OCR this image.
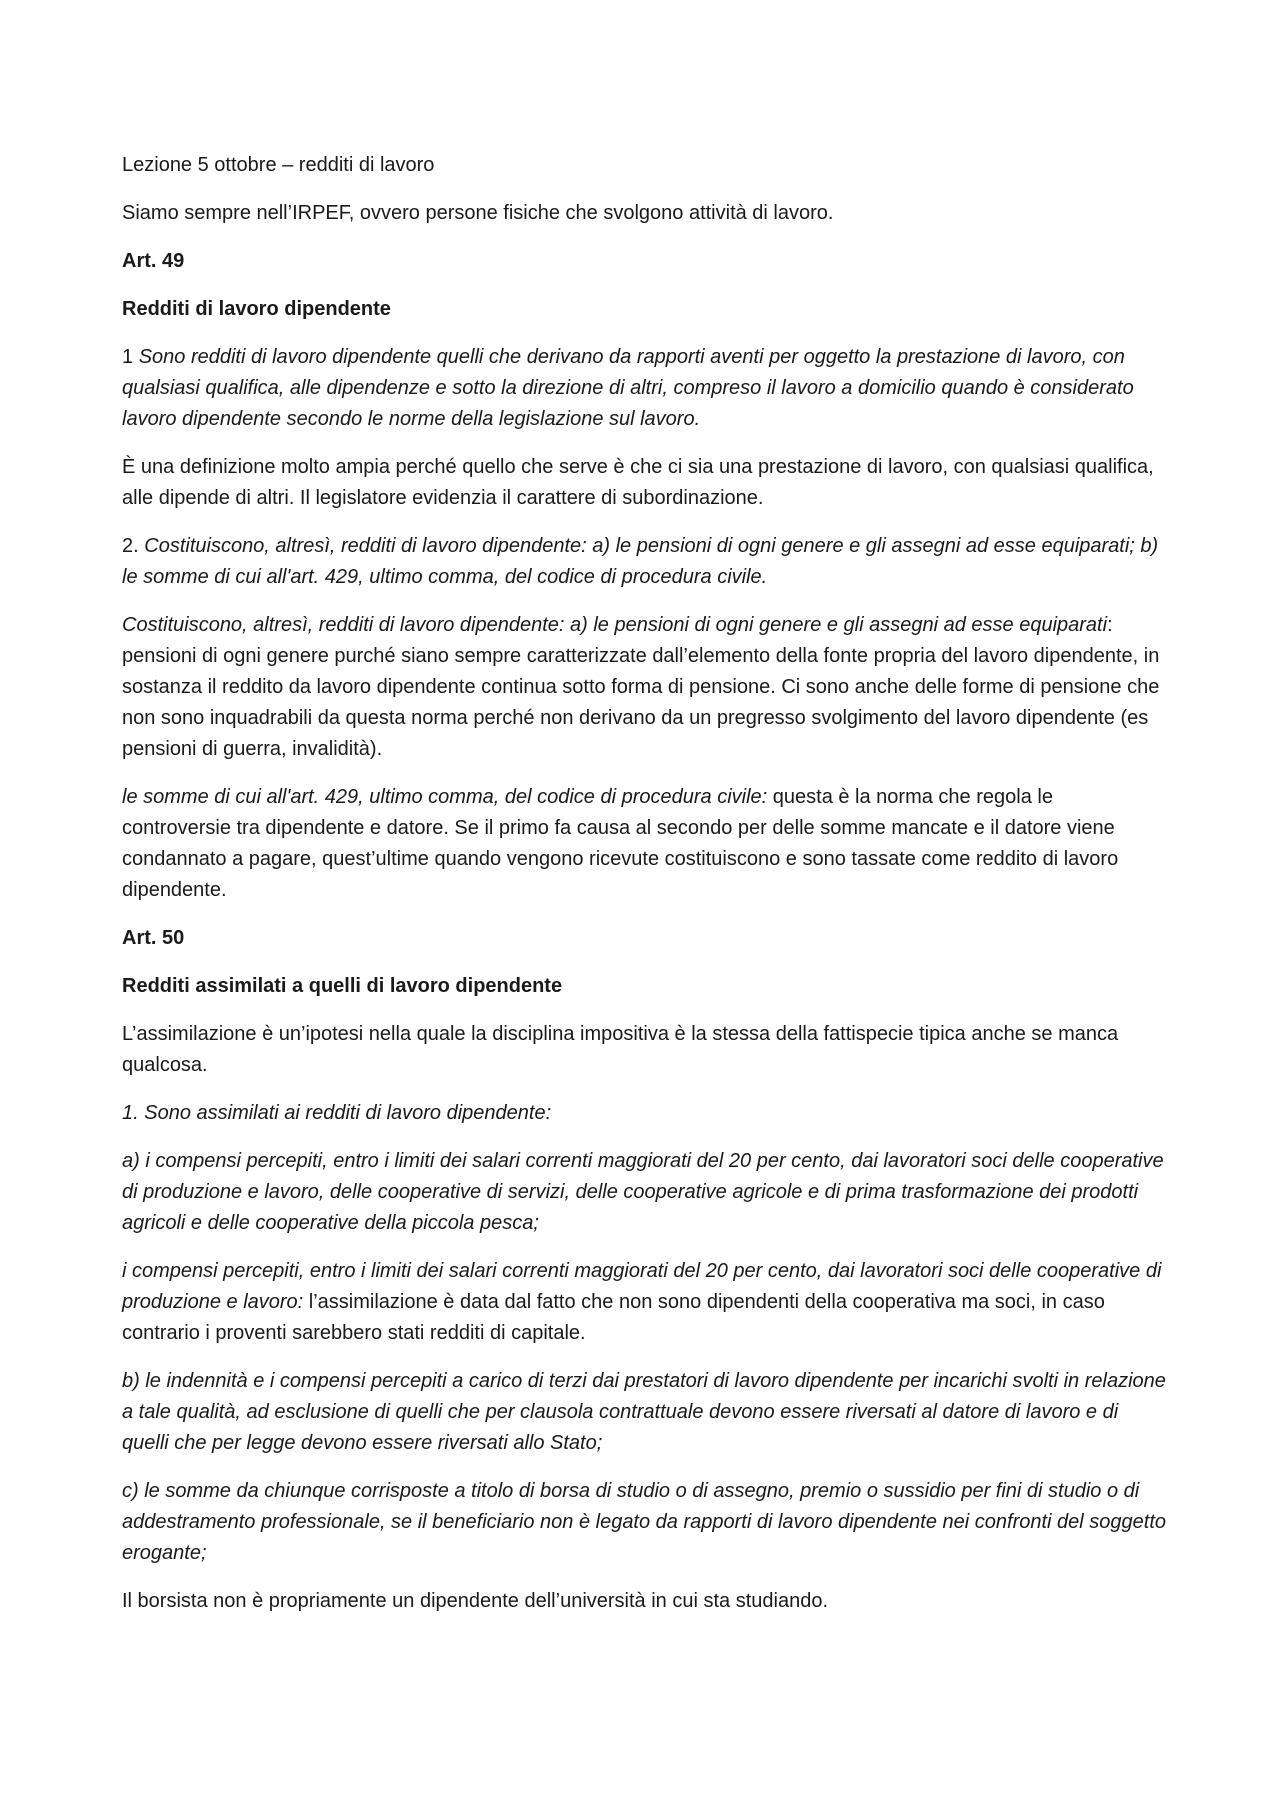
Lezione 5 ottobre – redditi di lavoro

Siamo sempre nell’IRPEF, ovvero persone fisiche che svolgono attività di lavoro.

Art. 49

Redditi di lavoro dipendente

1 Sono redditi di lavoro dipendente quelli che derivano da rapporti aventi per oggetto la prestazione di lavoro, con qualsiasi qualifica, alle dipendenze e sotto la direzione di altri, compreso il lavoro a domicilio quando è considerato lavoro dipendente secondo le norme della legislazione sul lavoro.

È una definizione molto ampia perché quello che serve è che ci sia una prestazione di lavoro, con qualsiasi qualifica, alle dipende di altri. Il legislatore evidenzia il carattere di subordinazione.

2. Costituiscono, altresì, redditi di lavoro dipendente: a) le pensioni di ogni genere e gli assegni ad esse equiparati; b) le somme di cui all'art. 429, ultimo comma, del codice di procedura civile.

Costituiscono, altresì, redditi di lavoro dipendente: a) le pensioni di ogni genere e gli assegni ad esse equiparati: pensioni di ogni genere purché siano sempre caratterizzate dall’elemento della fonte propria del lavoro dipendente, in sostanza il reddito da lavoro dipendente continua sotto forma di pensione. Ci sono anche delle forme di pensione che non sono inquadrabili da questa norma perché non derivano da un pregresso svolgimento del lavoro dipendente (es pensioni di guerra, invalidità).

le somme di cui all'art. 429, ultimo comma, del codice di procedura civile: questa è la norma che regola le controversie tra dipendente e datore. Se il primo fa causa al secondo per delle somme mancate e il datore viene condannato a pagare, quest’ultime quando vengono ricevute costituiscono e sono tassate come reddito di lavoro dipendente.

Art. 50

Redditi assimilati a quelli di lavoro dipendente

L’assimilazione è un’ipotesi nella quale la disciplina impositiva è la stessa della fattispecie tipica anche se manca qualcosa.

1. Sono assimilati ai redditi di lavoro dipendente:

a) i compensi percepiti, entro i limiti dei salari correnti maggiorati del 20 per cento, dai lavoratori soci delle cooperative di produzione e lavoro, delle cooperative di servizi, delle cooperative agricole e di prima trasformazione dei prodotti agricoli e delle cooperative della piccola pesca;

i compensi percepiti, entro i limiti dei salari correnti maggiorati del 20 per cento, dai lavoratori soci delle cooperative di produzione e lavoro: l’assimilazione è data dal fatto che non sono dipendenti della cooperativa ma soci, in caso contrario i proventi sarebbero stati redditi di capitale.

b) le indennità e i compensi percepiti a carico di terzi dai prestatori di lavoro dipendente per incarichi svolti in relazione a tale qualità, ad esclusione di quelli che per clausola contrattuale devono essere riversati al datore di lavoro e di quelli che per legge devono essere riversati allo Stato;

c) le somme da chiunque corrisposte a titolo di borsa di studio o di assegno, premio o sussidio per fini di studio o di addestramento professionale, se il beneficiario non è legato da rapporti di lavoro dipendente nei confronti del soggetto erogante;

Il borsista non è propriamente un dipendente dell’università in cui sta studiando.
